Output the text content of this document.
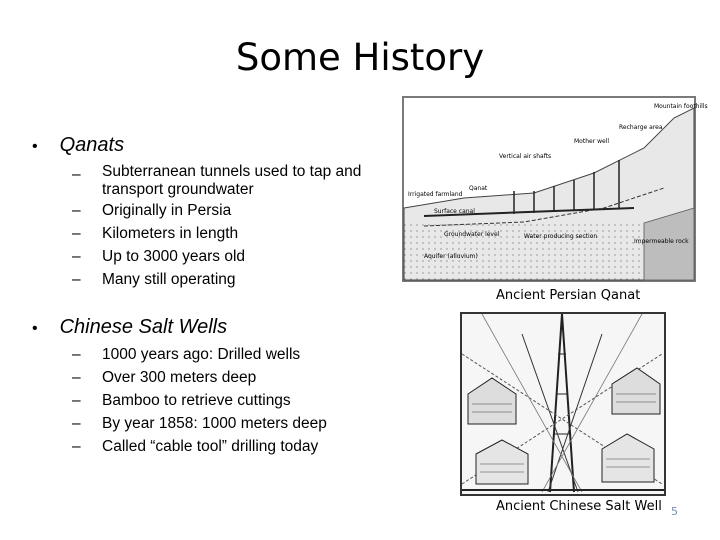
Some History
• Qanats
–	Subterranean tunnels used to tap and transport groundwater
–	Originally in Persia
–	Kilometers in length
–	Up to 3000 years old
–	Many still operating
Mountain foothills
Recharge area
Mother well
Vertical air shafts
Qanat
Irrigated farmland
Surface canal
Groundwater level	Water producing section
Impermeable rock
Aquifer (alluvium)
Ancient Persian Qanat
• Chinese Salt Wells
–	1000 years ago: Drilled wells
–	Over 300 meters deep
–	Bamboo to retrieve cuttings
–	By year 1858: 1000 meters deep
–	Called “cable tool” drilling today
Ancient Chinese Salt Well 5
